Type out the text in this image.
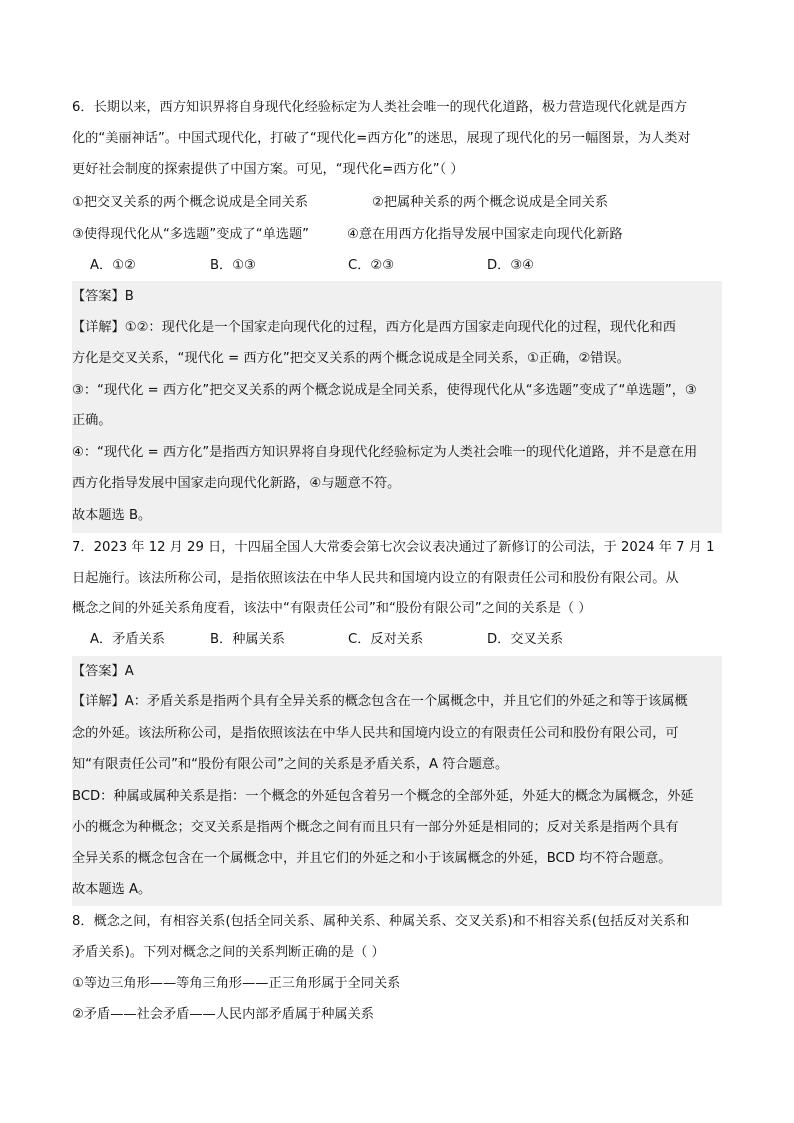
6．长期以来，西方知识界将自身现代化经验标定为人类社会唯一的现代化道路，极力营造现代化就是西方
化的“美丽神话”。中国式现代化，打破了“现代化=西方化”的迷思，展现了现代化的另一幅图景，为人类对
更好社会制度的探索提供了中国方案。可见，“现代化=西方化”（ ）
①把交叉关系的两个概念说成是全同关系	②把属种关系的两个概念说成是全同关系
③使得现代化从“多选题”变成了“单选题”	④意在用西方化指导发展中国家走向现代化新路
A．①②	B．①③	C．②③	D．③④
【答案】B
【详解】①②：现代化是一个国家走向现代化的过程，西方化是西方国家走向现代化的过程，现代化和西
方化是交叉关系，“现代化 = 西方化”把交叉关系的两个概念说成是全同关系，①正确，②错误。
③：“现代化 = 西方化”把交叉关系的两个概念说成是全同关系，使得现代化从“多选题”变成了“单选题”，③
正确。
④：“现代化 = 西方化”是指西方知识界将自身现代化经验标定为人类社会唯一的现代化道路，并不是意在用
西方化指导发展中国家走向现代化新路，④与题意不符。
故本题选 B。
7．2023 年 12 月 29 日，十四届全国人大常委会第七次会议表决通过了新修订的公司法，于 2024 年 7 月 1
日起施行。该法所称公司，是指依照该法在中华人民共和国境内设立的有限责任公司和股份有限公司。从
概念之间的外延关系角度看，该法中“有限责任公司”和“股份有限公司”之间的关系是（ ）
A．矛盾关系	B．种属关系	C．反对关系	D．交叉关系
【答案】A
【详解】A：矛盾关系是指两个具有全异关系的概念包含在一个属概念中，并且它们的外延之和等于该属概
念的外延。该法所称公司，是指依照该法在中华人民共和国境内设立的有限责任公司和股份有限公司，可
知“有限责任公司”和“股份有限公司”之间的关系是矛盾关系，A 符合题意。
BCD：种属或属种关系是指：一个概念的外延包含着另一个概念的全部外延，外延大的概念为属概念，外延
小的概念为种概念；交叉关系是指两个概念之间有而且只有一部分外延是相同的；反对关系是指两个具有
全异关系的概念包含在一个属概念中，并且它们的外延之和小于该属概念的外延，BCD 均不符合题意。
故本题选 A。
8．概念之间，有相容关系(包括全同关系、属种关系、种属关系、交叉关系)和不相容关系(包括反对关系和
矛盾关系)。下列对概念之间的关系判断正确的是（ ）
①等边三角形——等角三角形——正三角形属于全同关系
②矛盾——社会矛盾——人民内部矛盾属于种属关系
